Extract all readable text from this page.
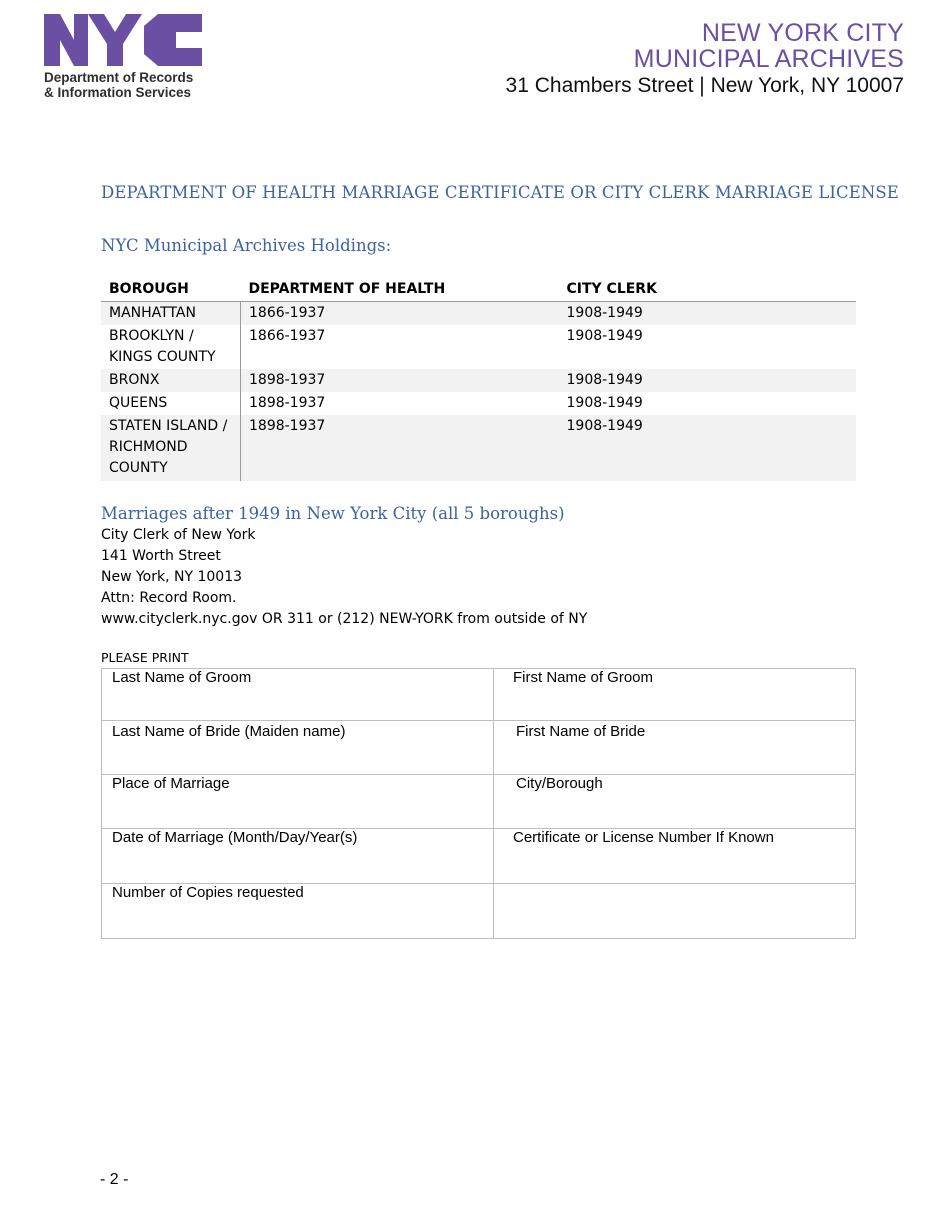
Department of Records
& Information Services
NEW YORK CITY
MUNICIPAL ARCHIVES
31 Chambers Street | New York, NY 10007
DEPARTMENT OF HEALTH MARRIAGE CERTIFICATE OR CITY CLERK MARRIAGE LICENSE
NYC Municipal Archives Holdings:
BOROUGH	DEPARTMENT OF HEALTH	CITY CLERK
MANHATTAN	1866-1937	1908-1949
BROOKLYN / KINGS COUNTY	1866-1937	1908-1949
BRONX	1898-1937	1908-1949
QUEENS	1898-1937	1908-1949
STATEN ISLAND / RICHMOND COUNTY	1898-1937	1908-1949
Marriages after 1949 in New York City (all 5 boroughs)
City Clerk of New York
141 Worth Street
New York, NY 10013
Attn: Record Room.
www.cityclerk.nyc.gov OR 311 or (212) NEW-YORK from outside of NY
PLEASE PRINT
Last Name of Groom	First Name of Groom
Last Name of Bride (Maiden name)	First Name of Bride
Place of Marriage	City/Borough
Date of Marriage (Month/Day/Year(s)	Certificate or License Number If Known
Number of Copies requested
- 2 -
